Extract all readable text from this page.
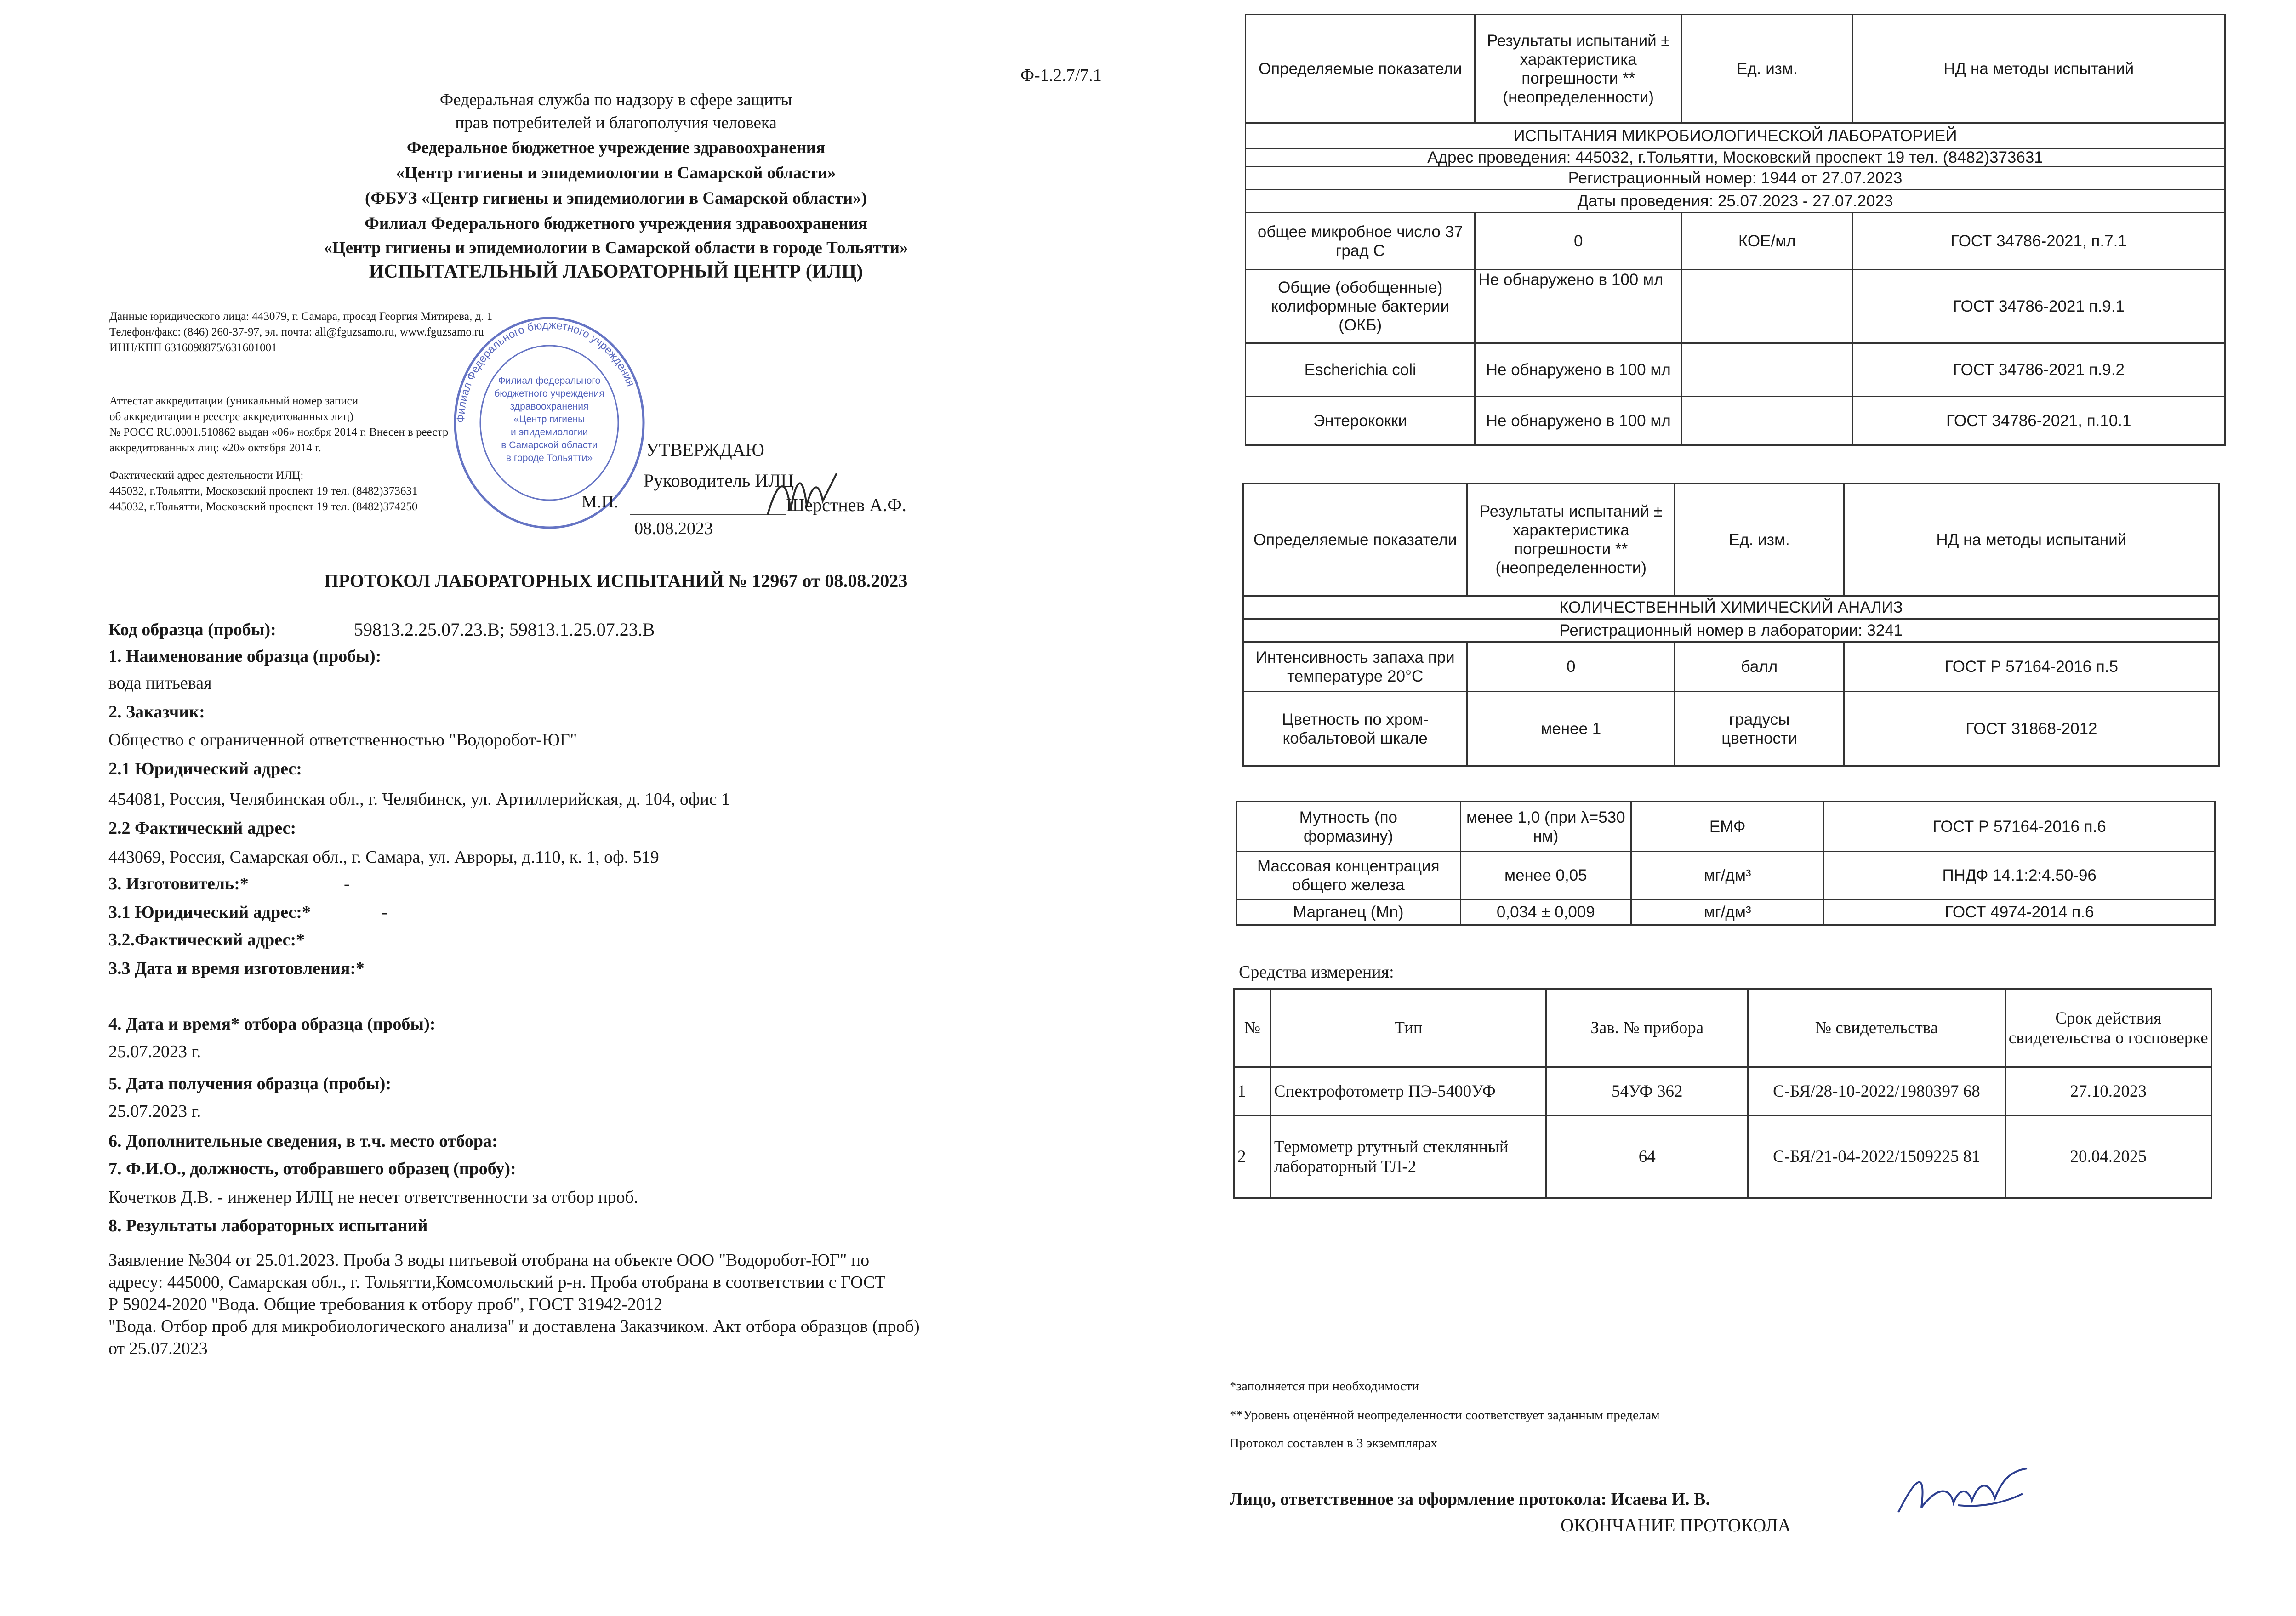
Ф-1.2.7/7.1
Федеральная служба по надзору в сфере защиты
прав потребителей и благополучия человека
Федеральное бюджетное учреждение здравоохранения
«Центр гигиены и эпидемиологии в Самарской области»
(ФБУЗ «Центр гигиены и эпидемиологии в Самарской области»)
Филиал Федерального бюджетного учреждения здравоохранения
«Центр гигиены и эпидемиологии в Самарской области в городе Тольятти»
ИСПЫТАТЕЛЬНЫЙ ЛАБОРАТОРНЫЙ ЦЕНТР (ИЛЦ)
Данные юридического лица: 443079, г. Самара, проезд Георгия Митирева, д. 1
Телефон/факс: (846) 260-37-97, эл. почта: all@fguzsamo.ru, www.fguzsamo.ru
ИНН/КПП 6316098875/631601001
Аттестат аккредитации (уникальный номер записи
об аккредитации в реестре аккредитованных лиц)
№ РОСС RU.0001.510862 выдан «06» ноября 2014 г. Внесен в реестр
аккредитованных лиц: «20» октября 2014 г.
Фактический адрес деятельности ИЛЦ:
445032, г.Тольятти, Московский проспект 19 тел. (8482)373631
445032, г.Тольятти, Московский проспект 19 тел. (8482)374250
Филиал Федерального бюджетного учреждения
Филиал федерального
бюджетного учреждения
здравоохранения
«Центр гигиены
и эпидемиологии
в Самарской области
в городе Тольятти»	УТВЕРЖДАЮ
Руководитель ИЛЦ
М.П.	Шерстнев А.Ф.
08.08.2023
ПРОТОКОЛ ЛАБОРАТОРНЫХ ИСПЫТАНИЙ № 12967 от 08.08.2023
Код образца (пробы):	59813.2.25.07.23.В; 59813.1.25.07.23.В
1. Наименование образца (пробы):
вода питьевая
2. Заказчик:
Общество с ограниченной ответственностью "Водоробот-ЮГ"
2.1 Юридический адрес:
454081, Россия, Челябинская обл., г. Челябинск, ул. Артиллерийская, д. 104, офис 1
2.2 Фактический адрес:
443069, Россия, Самарская обл., г. Самара, ул. Авроры, д.110, к. 1, оф. 519
3. Изготовитель:*	-
3.1 Юридический адрес:*	-
3.2.Фактический адрес:*
3.3 Дата и время изготовления:*
4. Дата и время* отбора образца (пробы):
25.07.2023 г.
5. Дата получения образца (пробы):
25.07.2023 г.
6. Дополнительные сведения, в т.ч. место отбора:
7. Ф.И.О., должность, отобравшего образец (пробу):
Кочетков Д.В. - инженер ИЛЦ не несет ответственности за отбор проб.
8. Результаты лабораторных испытаний
Заявление №304 от 25.01.2023. Проба 3 воды питьевой отобрана на объекте ООО "Водоробот-ЮГ" по
адресу: 445000, Самарская обл., г. Тольятти,Комсомольский р-н. Проба отобрана в соответствии с ГОСТ
Р 59024-2020 "Вода. Общие требования к отбору проб", ГОСТ 31942-2012
"Вода. Отбор проб для микробиологического анализа" и доставлена Заказчиком. Акт отбора образцов (проб)
от 25.07.2023
Определяемые показатели	Результаты испытаний ± характеристика погрешности **(неопределенности)	Ед. изм.	НД на методы испытаний
ИСПЫТАНИЯ МИКРОБИОЛОГИЧЕСКОЙ ЛАБОРАТОРИЕЙ			
Адрес проведения: 445032, г.Тольятти, Московский проспект 19 тел. (8482)373631			
Регистрационный номер: 1944 от 27.07.2023			
Даты проведения: 25.07.2023 - 27.07.2023			
общее микробное число 37 град С	0	КОЕ/мл	ГОСТ 34786-2021, п.7.1
Общие (обобщенные) колиформные бактерии (ОКБ)	Не обнаружено в 100 мл		ГОСТ 34786-2021 п.9.1
Escherichia coli	Не обнаружено в 100 мл		ГОСТ 34786-2021 п.9.2
Энтерококки	Не обнаружено в 100 мл		ГОСТ 34786-2021, п.10.1
Определяемые показатели	Результаты испытаний ± характеристика погрешности **(неопределенности)	Ед. изм.	НД на методы испытаний
КОЛИЧЕСТВЕННЫЙ ХИМИЧЕСКИЙ АНАЛИЗ			
Регистрационный номер в лаборатории: 3241			
Интенсивность запаха при температуре 20°С	0	балл	ГОСТ Р 57164-2016 п.5
Цветность по хром-кобальтовой шкале	менее 1	градусы цветности	ГОСТ 31868-2012
Мутность (по формазину)	менее 1,0 (при λ=530 нм)	ЕМФ	ГОСТ Р 57164-2016 п.6
Массовая концентрация общего железа	менее 0,05	мг/дм³	ПНДФ 14.1:2:4.50-96
Марганец (Mn)	0,034 ± 0,009	мг/дм³	ГОСТ 4974-2014 п.6
Средства измерения:
№	Тип	Зав. № прибора	№ свидетельства	Срок действия свидетельства о госповерке
1	Спектрофотометр ПЭ-5400УФ	54УФ 362	С-БЯ/28-10-2022/1980397 68	27.10.2023
2	Термометр ртутный стеклянный лабораторный ТЛ-2	64	С-БЯ/21-04-2022/1509225 81	20.04.2025
*заполняется при необходимости
**Уровень оценённой неопределенности соответствует заданным пределам
Протокол составлен в 3 экземплярах
Лицо, ответственное за оформление протокола: Исаева И. В.
ОКОНЧАНИЕ ПРОТОКОЛА
